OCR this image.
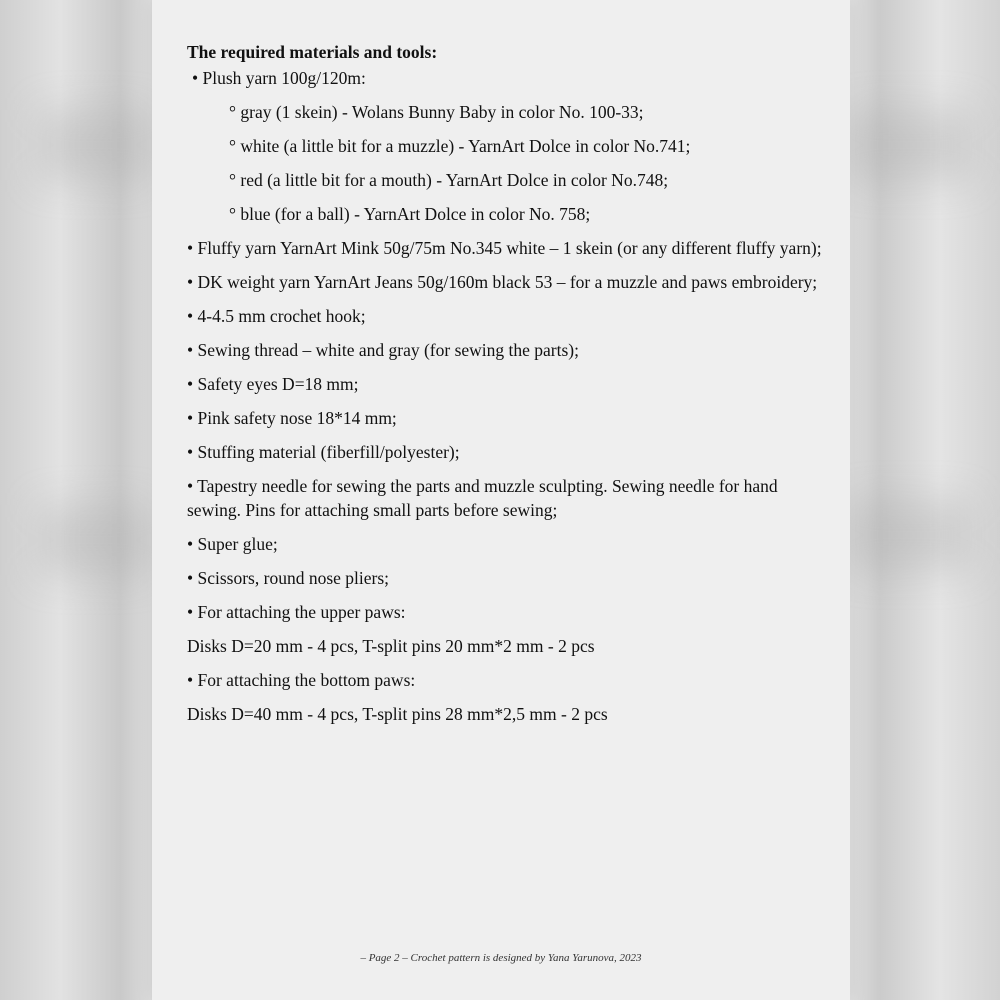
The required materials and tools:

• Plush yarn 100g/120m:

° gray (1 skein) - Wolans Bunny Baby in color No. 100-33;

° white (a little bit for a muzzle) - YarnArt Dolce in color No.741;

° red (a little bit for a mouth) - YarnArt Dolce in color No.748;

° blue (for a ball) - YarnArt Dolce in color No. 758;

• Fluffy yarn YarnArt Mink 50g/75m No.345 white – 1 skein (or any different fluffy yarn);

• DK weight yarn YarnArt Jeans 50g/160m black 53 – for a muzzle and paws embroidery;

• 4-4.5 mm crochet hook;

• Sewing thread – white and gray (for sewing the parts);

• Safety eyes D=18 mm;

• Pink safety nose 18*14 mm;

• Stuffing material (fiberfill/polyester);

• Tapestry needle for sewing the parts and muzzle sculpting. Sewing needle for hand sewing. Pins for attaching small parts before sewing;

• Super glue;

• Scissors, round nose pliers;

• For attaching the upper paws:

Disks D=20 mm - 4 pcs, T-split pins 20 mm*2 mm - 2 pcs

• For attaching the bottom paws:

Disks D=40 mm - 4 pcs, T-split pins 28 mm*2,5 mm - 2 pcs

– Page 2 – Crochet pattern is designed by Yana Yarunova, 2023
